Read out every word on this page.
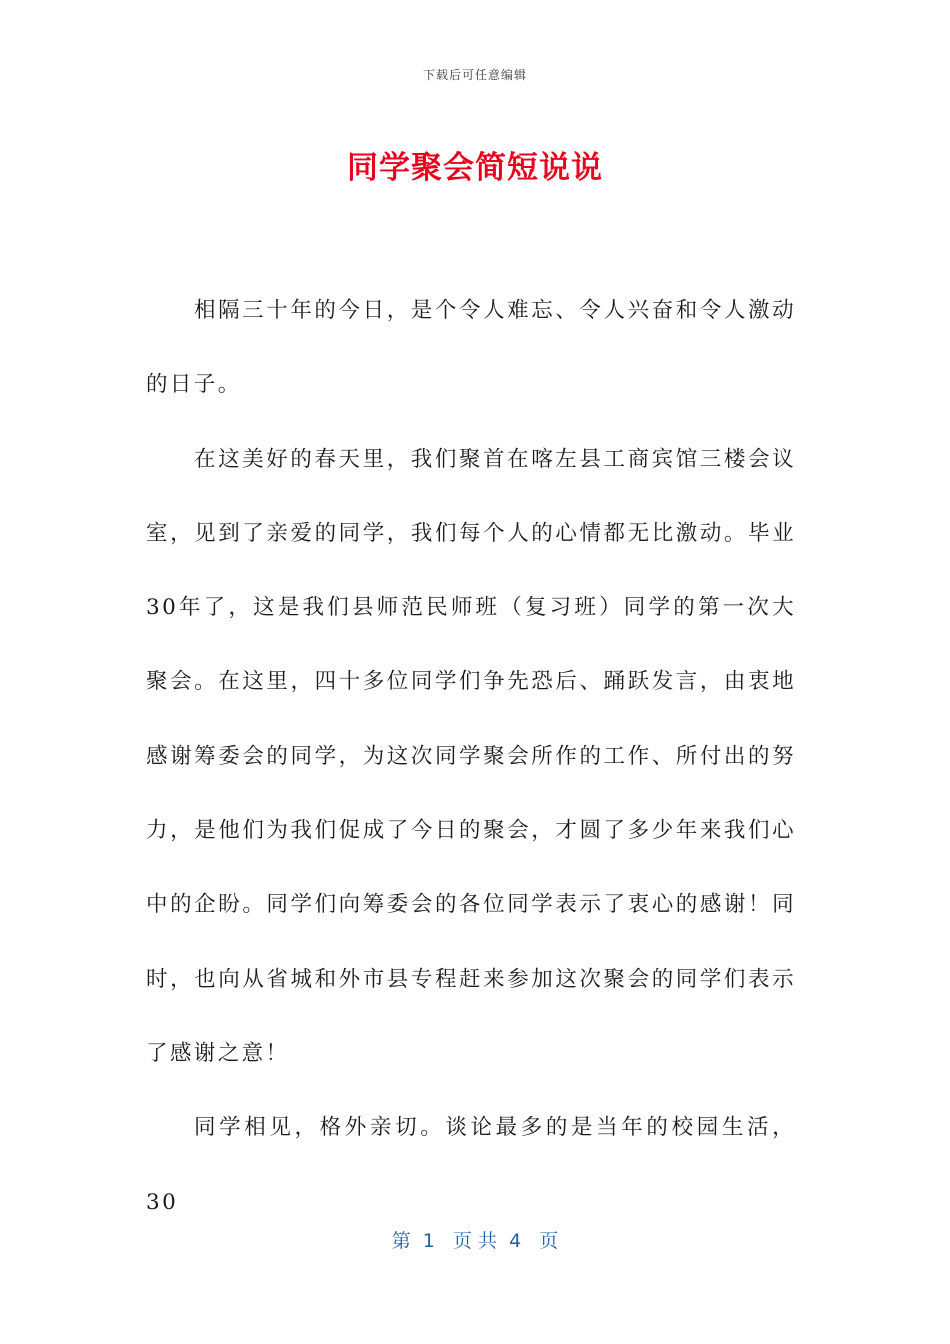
下载后可任意编辑
同学聚会简短说说

相隔三十年的今日，是个令人难忘、令人兴奋和令人激动的日子。

在这美好的春天里，我们聚首在喀左县工商宾馆三楼会议室，见到了亲爱的同学，我们每个人的心情都无比激动。毕业30年了，这是我们县师范民师班（复习班）同学的第一次大聚会。在这里，四十多位同学们争先恐后、踊跃发言，由衷地感谢筹委会的同学，为这次同学聚会所作的工作、所付出的努力，是他们为我们促成了今日的聚会，才圆了多少年来我们心中的企盼。同学们向筹委会的各位同学表示了衷心的感谢！同时，也向从省城和外市县专程赶来参加这次聚会的同学们表示了感谢之意！

同学相见，格外亲切。谈论最多的是当年的校园生活，30

第  1   页 共  4   页
